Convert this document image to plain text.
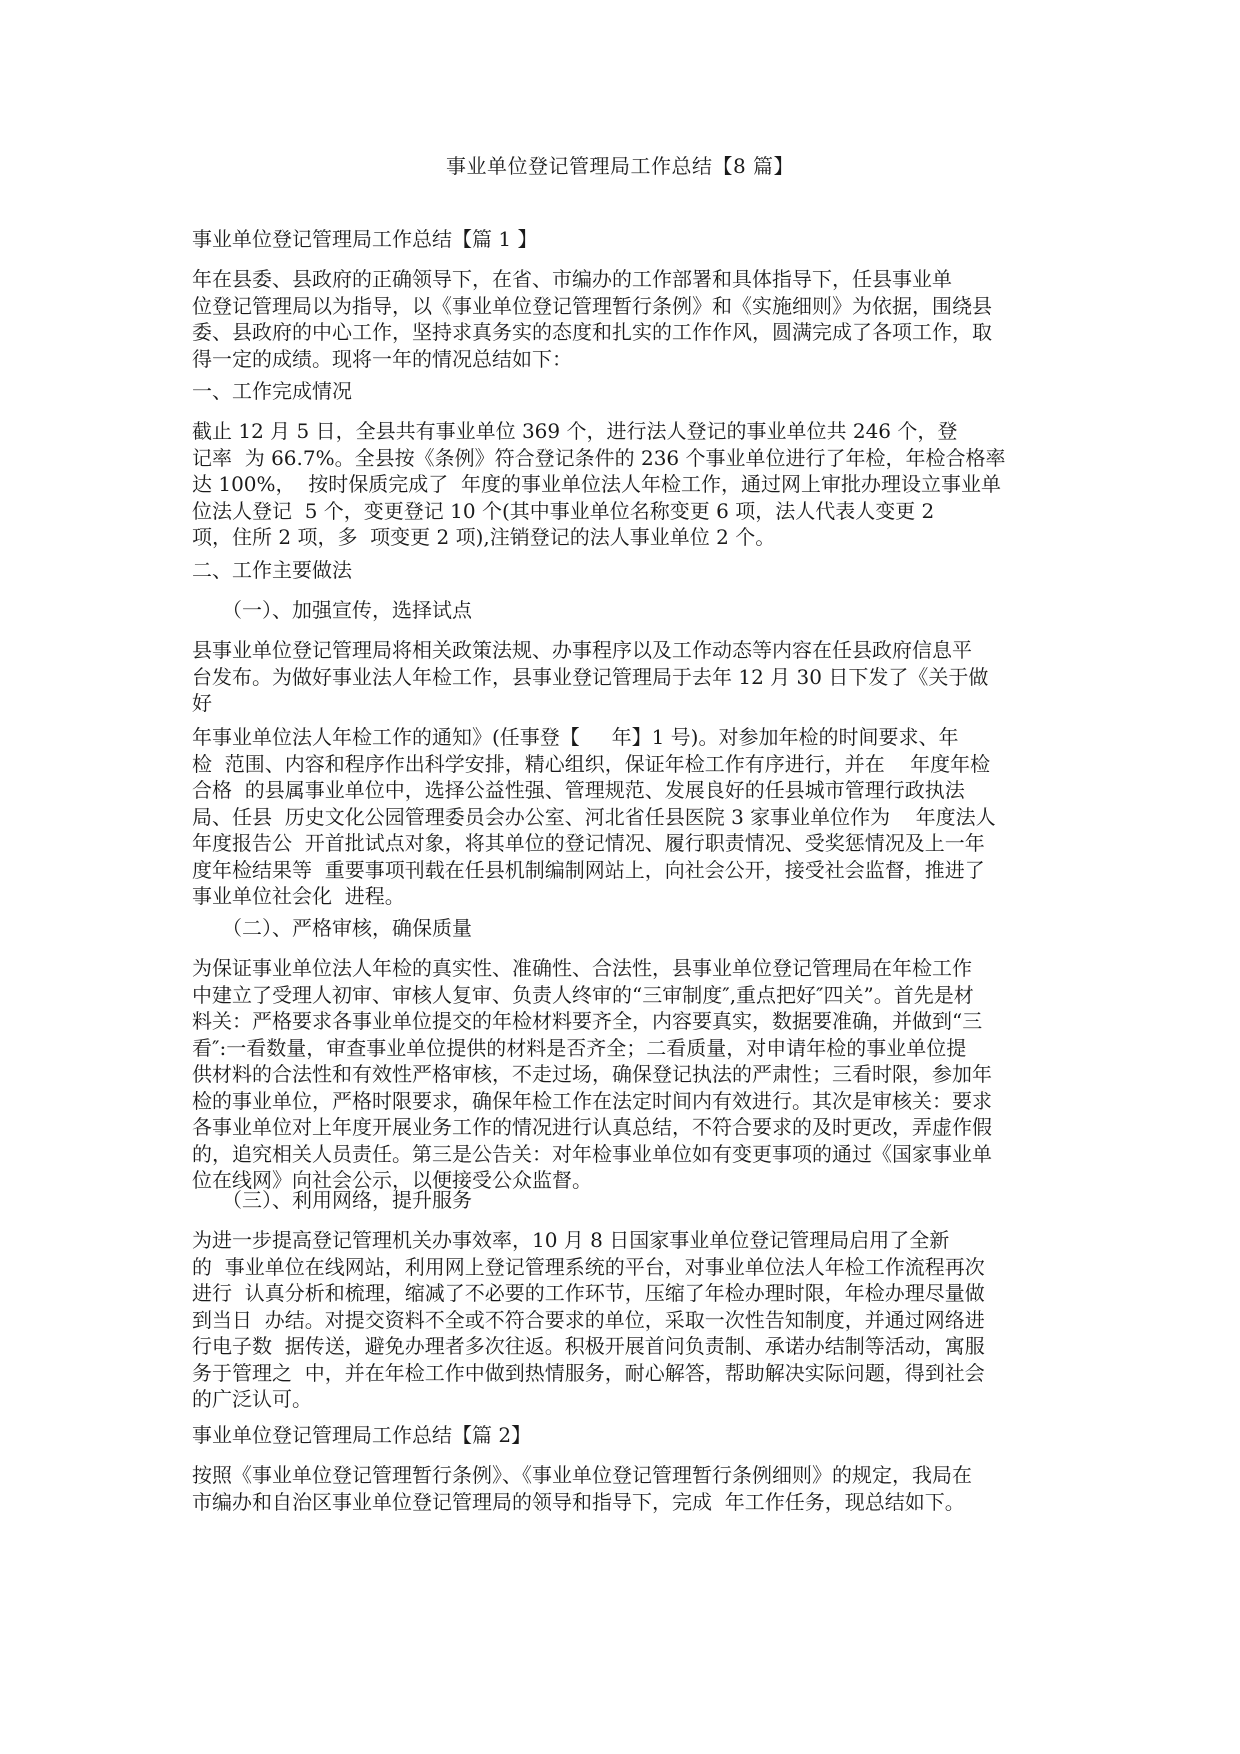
事业单位登记管理局工作总结【8 篇】
事业单位登记管理局工作总结【篇 1 】
年在县委、县政府的正确领导下，在省、市编办的工作部署和具体指导下，任县事业单
位登记管理局以为指导，以《事业单位登记管理暂行条例》和《实施细则》为依据，围绕县
委、县政府的中心工作，坚持求真务实的态度和扎实的工作作风，圆满完成了各项工作，取
得一定的成绩。现将一年的情况总结如下：
一、工作完成情况
截止 12 月 5 日，全县共有事业单位 369 个，进行法人登记的事业单位共 246 个，登
记率  为 66.7%。全县按《条例》符合登记条件的 236 个事业单位进行了年检，年检合格率
达 100%，  按时保质完成了  年度的事业单位法人年检工作，通过网上审批办理设立事业单
位法人登记  5 个，变更登记 10 个(其中事业单位名称变更 6 项，法人代表人变更 2
项，住所 2 项，多  项变更 2 项),注销登记的法人事业单位 2 个。
二、工作主要做法
（一）、加强宣传，选择试点
县事业单位登记管理局将相关政策法规、办事程序以及工作动态等内容在任县政府信息平
台发布。为做好事业法人年检工作，县事业登记管理局于去年 12 月 30 日下发了《关于做
好
年事业单位法人年检工作的通知》(任事登【     年】1 号)。对参加年检的时间要求、年
检  范围、内容和程序作出科学安排，精心组织，保证年检工作有序进行，并在    年度年检
合格  的县属事业单位中，选择公益性强、管理规范、发展良好的任县城市管理行政执法
局、任县  历史文化公园管理委员会办公室、河北省任县医院 3 家事业单位作为    年度法人
年度报告公  开首批试点对象，将其单位的登记情况、履行职责情况、受奖惩情况及上一年
度年检结果等  重要事项刊载在任县机制编制网站上，向社会公开，接受社会监督，推进了
事业单位社会化  进程。
（二）、严格审核，确保质量
为保证事业单位法人年检的真实性、准确性、合法性，县事业单位登记管理局在年检工作
中建立了受理人初审、审核人复审、负责人终审的“三审制度″,重点把好″四关”。首先是材
料关：严格要求各事业单位提交的年检材料要齐全，内容要真实，数据要准确，并做到“三
看″:一看数量，审查事业单位提供的材料是否齐全；二看质量，对申请年检的事业单位提
供材料的合法性和有效性严格审核，不走过场，确保登记执法的严肃性；三看时限，参加年
检的事业单位，严格时限要求，确保年检工作在法定时间内有效进行。其次是审核关：要求
各事业单位对上年度开展业务工作的情况进行认真总结，不符合要求的及时更改，弄虚作假
的，追究相关人员责任。第三是公告关：对年检事业单位如有变更事项的通过《国家事业单
位在线网》向社会公示，以便接受公众监督。
（三）、利用网络，提升服务
为进一步提高登记管理机关办事效率，10 月 8 日国家事业单位登记管理局启用了全新
的  事业单位在线网站，利用网上登记管理系统的平台，对事业单位法人年检工作流程再次
进行  认真分析和梳理，缩减了不必要的工作环节，压缩了年检办理时限，年检办理尽量做
到当日  办结。对提交资料不全或不符合要求的单位，采取一次性告知制度，并通过网络进
行电子数  据传送，避免办理者多次往返。积极开展首问负责制、承诺办结制等活动，寓服
务于管理之  中，并在年检工作中做到热情服务，耐心解答，帮助解决实际问题，得到社会
的广泛认可。
事业单位登记管理局工作总结【篇 2】
按照《事业单位登记管理暂行条例》、《事业单位登记管理暂行条例细则》的规定，我局在
市编办和自治区事业单位登记管理局的领导和指导下，完成  年工作任务，现总结如下。
